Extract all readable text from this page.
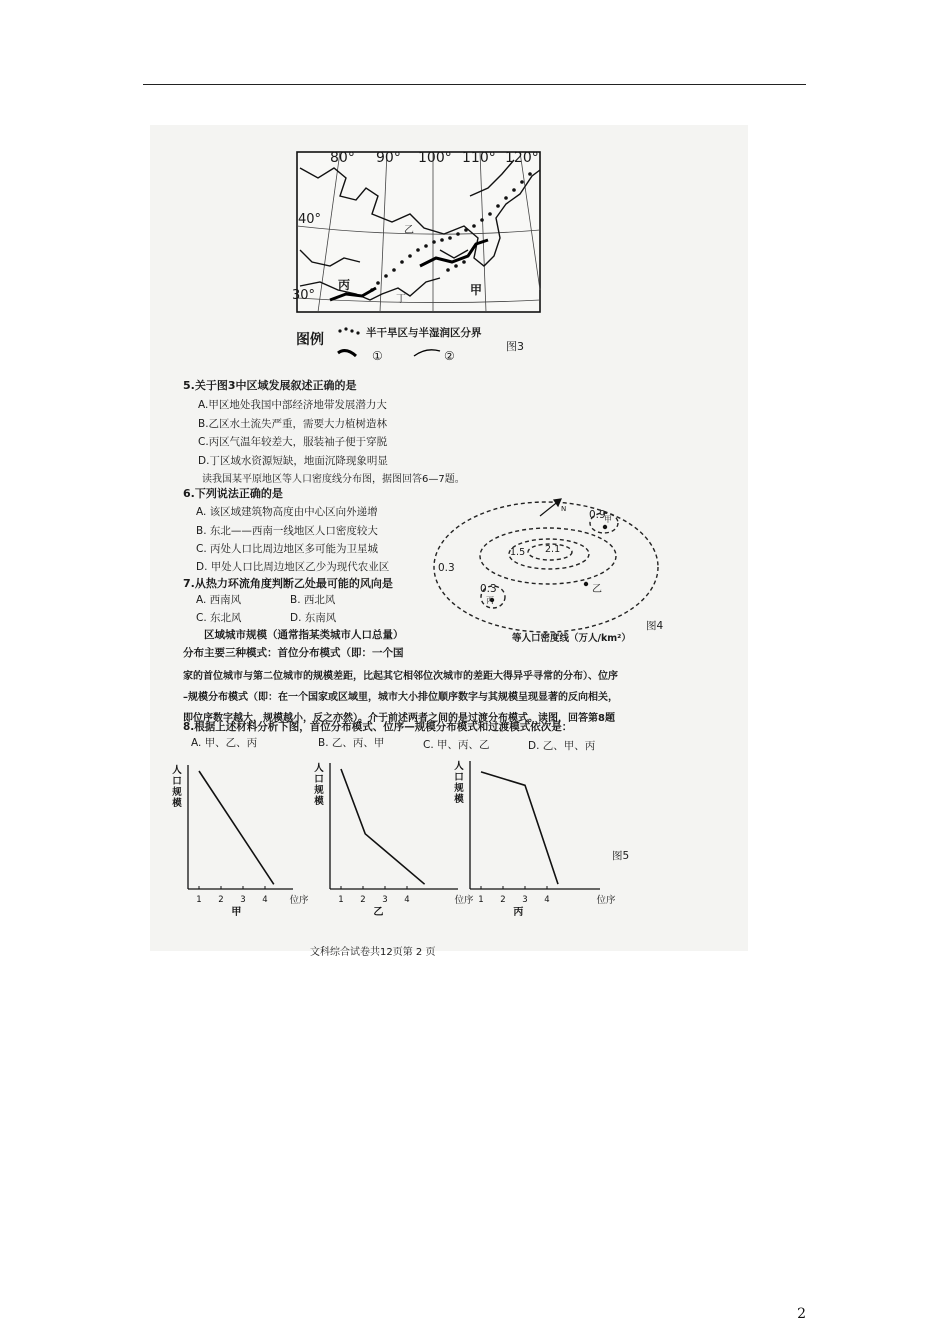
80° 90° 100° 110° 120°
40°
30°	甲
乙
丙
丁
图例	半干旱区与半湿润区分界
①	②
图3
5.关于图3中区域发展叙述正确的是
A.甲区地处我国中部经济地带发展潜力大
B.乙区水土流失严重，需要大力植树造林
C.丙区气温年较差大，服装袖子便于穿脱
D.丁区域水资源短缺，地面沉降现象明显
读我国某平原地区等人口密度线分布图，据图回答6—7题。
6.下列说法正确的是
A. 该区域建筑物高度由中心区向外递增
B. 东北——西南一线地区人口密度较大
C. 丙处人口比周边地区多可能为卫星城
D. 甲处人口比周边地区乙少为现代农业区
7.从热力环流角度判断乙处最可能的风向是
A. 西南风	B. 西北风
C. 东北风	D. 东南风
N 0.9
1.5 2.1
0.3
0.3
甲
乙
丙
等人口密度线（万人/km²）
图4
区域城市规模（通常指某类城市人口总量）
分布主要三种模式：首位分布模式（即：一个国
家的首位城市与第二位城市的规模差距，比起其它相邻位次城市的差距大得异乎寻常的分布）、位序
–规模分布模式（即：在一个国家或区域里，城市大小排位顺序数字与其规模呈现显著的反向相关，
即位序数字越大，规模越小，反之亦然）。介于前述两者之间的是过渡分布模式。读图，回答第8题
8.根据上述材料分析下图，首位分布模式、位序—规模分布模式和过渡模式依次是：
A. 甲、乙、丙	B. 乙、丙、甲	C. 甲、丙、乙	D. 乙、甲、丙
人
口
规
模
1 2 3 4 位序
甲
人
口
规
模
1 2 3 4	位序
乙
人
口
规
模
1 2 3 4	位序
丙
图5
文科综合试卷共12页第 2 页
2
